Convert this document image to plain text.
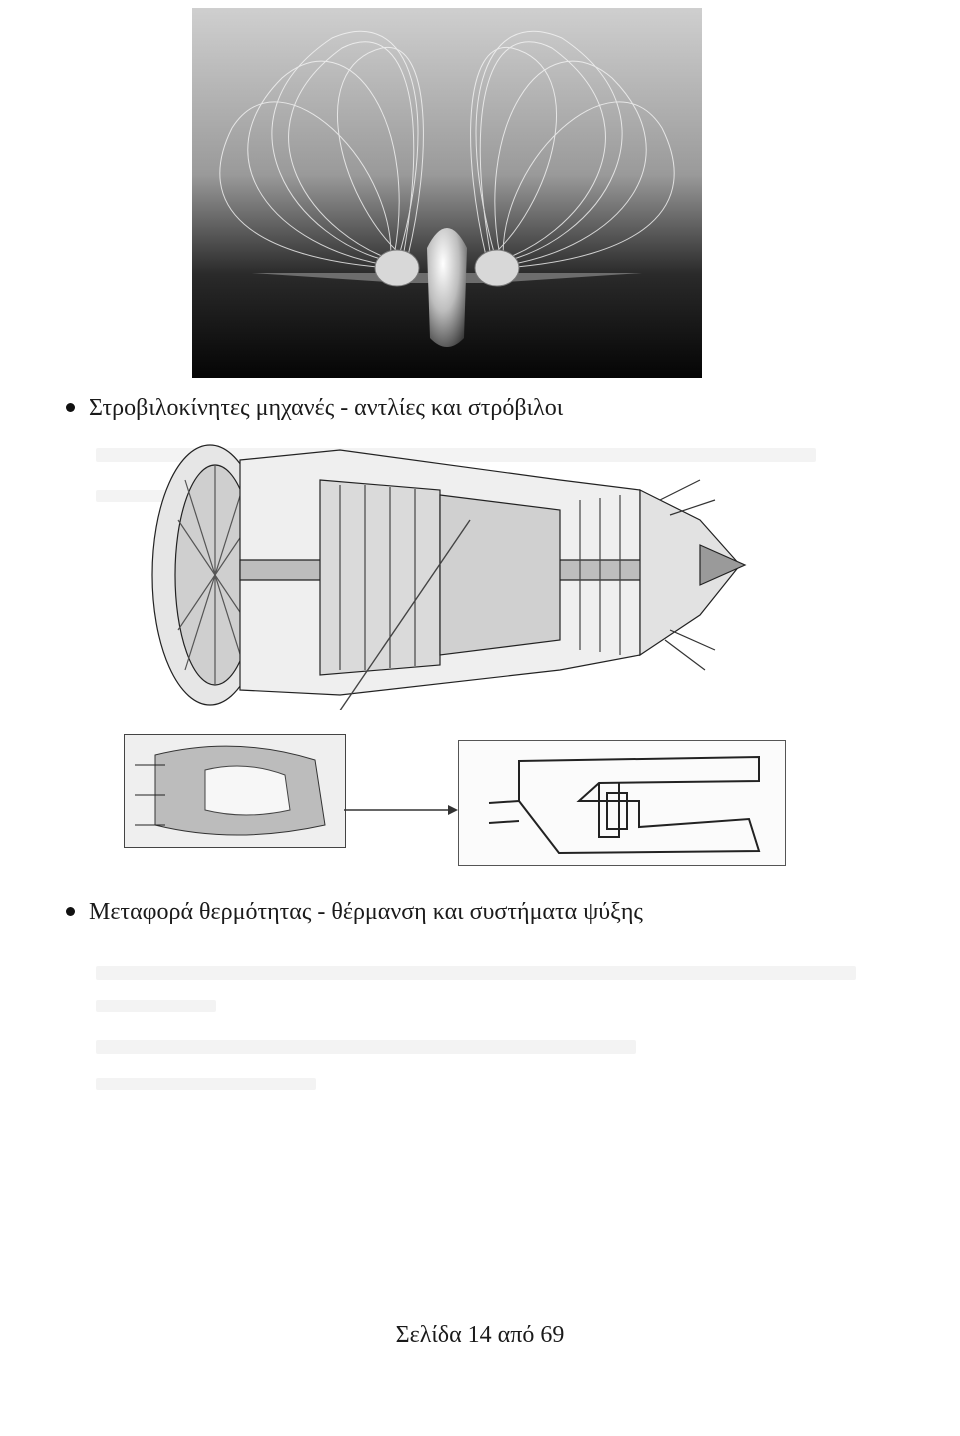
Στροβιλοκίνητες μηχανές - αντλίες και στρόβιλοι
Μεταφορά θερμότητας - θέρμανση και συστήματα ψύξης
Σελίδα 14 από 69
